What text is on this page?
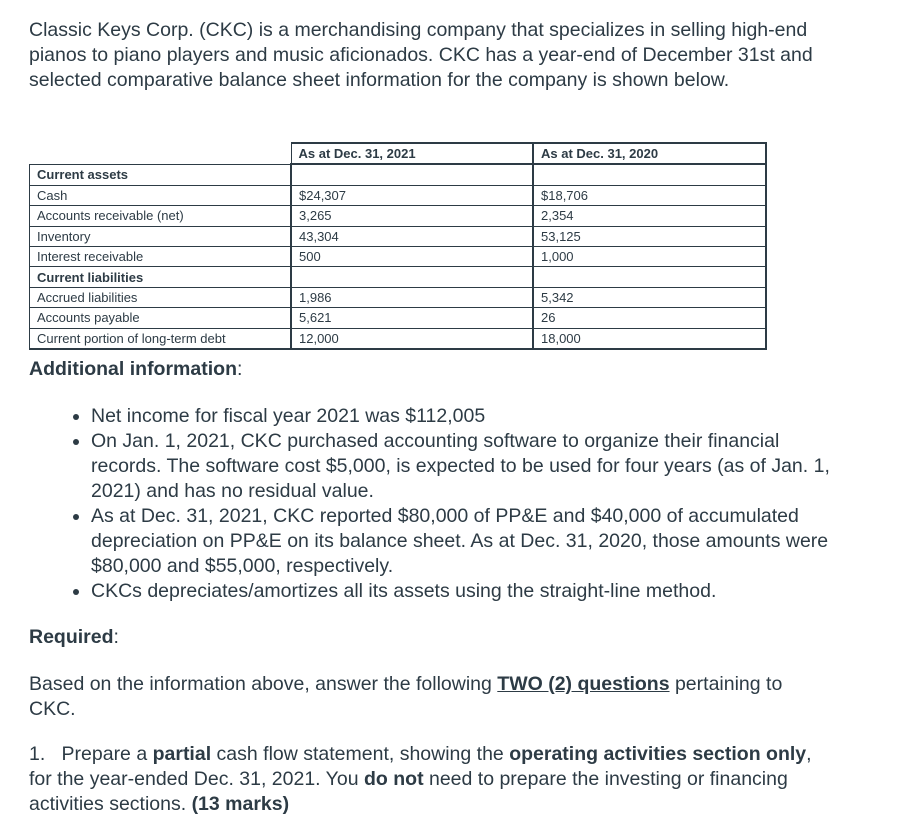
Classic Keys Corp. (CKC) is a merchandising company that specializes in selling high-end pianos to piano players and music aficionados. CKC has a year-end of December 31st and selected comparative balance sheet information for the company is shown below.

	As at Dec. 31, 2021	As at Dec. 31, 2020
Current assets		
Cash	$24,307	$18,706
Accounts receivable (net)	3,265	2,354
Inventory	43,304	53,125
Interest receivable	500	1,000
Current liabilities		
Accrued liabilities	1,986	5,342
Accounts payable	5,621	26
Current portion of long-term debt	12,000	18,000

Additional information:

• Net income for fiscal year 2021 was $112,005
• On Jan. 1, 2021, CKC purchased accounting software to organize their financial records. The software cost $5,000, is expected to be used for four years (as of Jan. 1, 2021) and has no residual value.
• As at Dec. 31, 2021, CKC reported $80,000 of PP&E and $40,000 of accumulated depreciation on PP&E on its balance sheet. As at Dec. 31, 2020, those amounts were $80,000 and $55,000, respectively.
• CKCs depreciates/amortizes all its assets using the straight-line method.

Required:

Based on the information above, answer the following TWO (2) questions pertaining to CKC.

1. Prepare a partial cash flow statement, showing the operating activities section only, for the year-ended Dec. 31, 2021. You do not need to prepare the investing or financing activities sections. (13 marks)
